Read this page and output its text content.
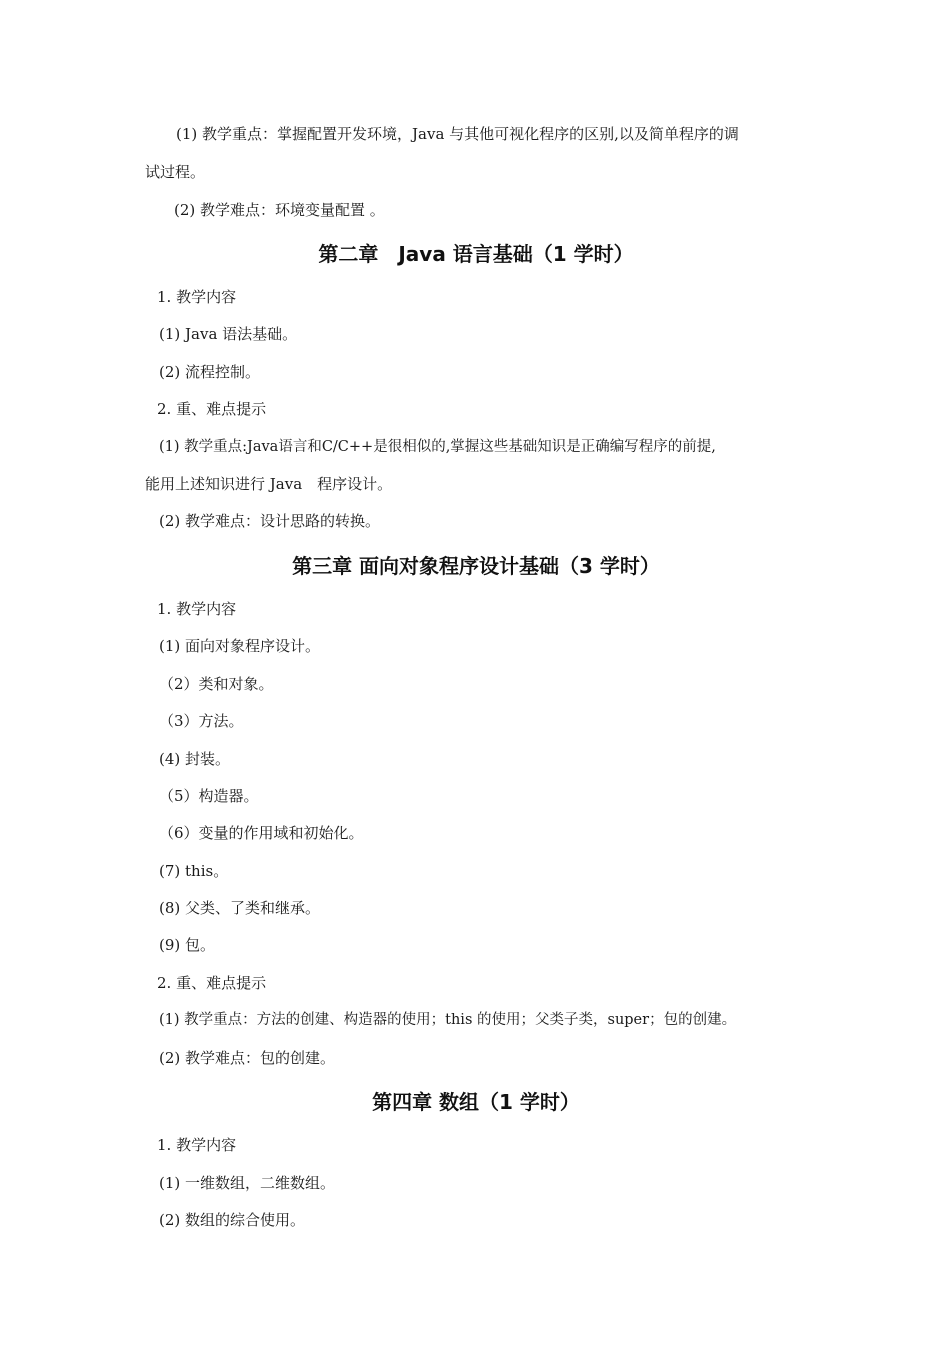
(1) 教学重点：掌握配置开发环境，Java 与其他可视化程序的区别,以及简单程序的调
试过程。
(2) 教学难点：环境变量配置 。
第二章　Java 语言基础（1 学时）
1. 教学内容
(1) Java 语法基础。
(2) 流程控制。
2. 重、难点提示
(1) 教学重点:Java语言和C/C++是很相似的,掌握这些基础知识是正确编写程序的前提,
能用上述知识进行 Java　程序设计。
(2) 教学难点：设计思路的转换。
第三章 面向对象程序设计基础（3 学时）
1. 教学内容
(1) 面向对象程序设计。
（2）类和对象。
（3）方法。
(4) 封装。
（5）构造器。
（6）变量的作用域和初始化。
(7) this。
(8) 父类、了类和继承。
(9) 包。
2. 重、难点提示
(1) 教学重点：方法的创建、构造器的使用；this 的使用；父类子类，super；包的创建。
(2) 教学难点：包的创建。
第四章 数组（1 学时）
1. 教学内容
(1) 一维数组，二维数组。
(2) 数组的综合使用。
